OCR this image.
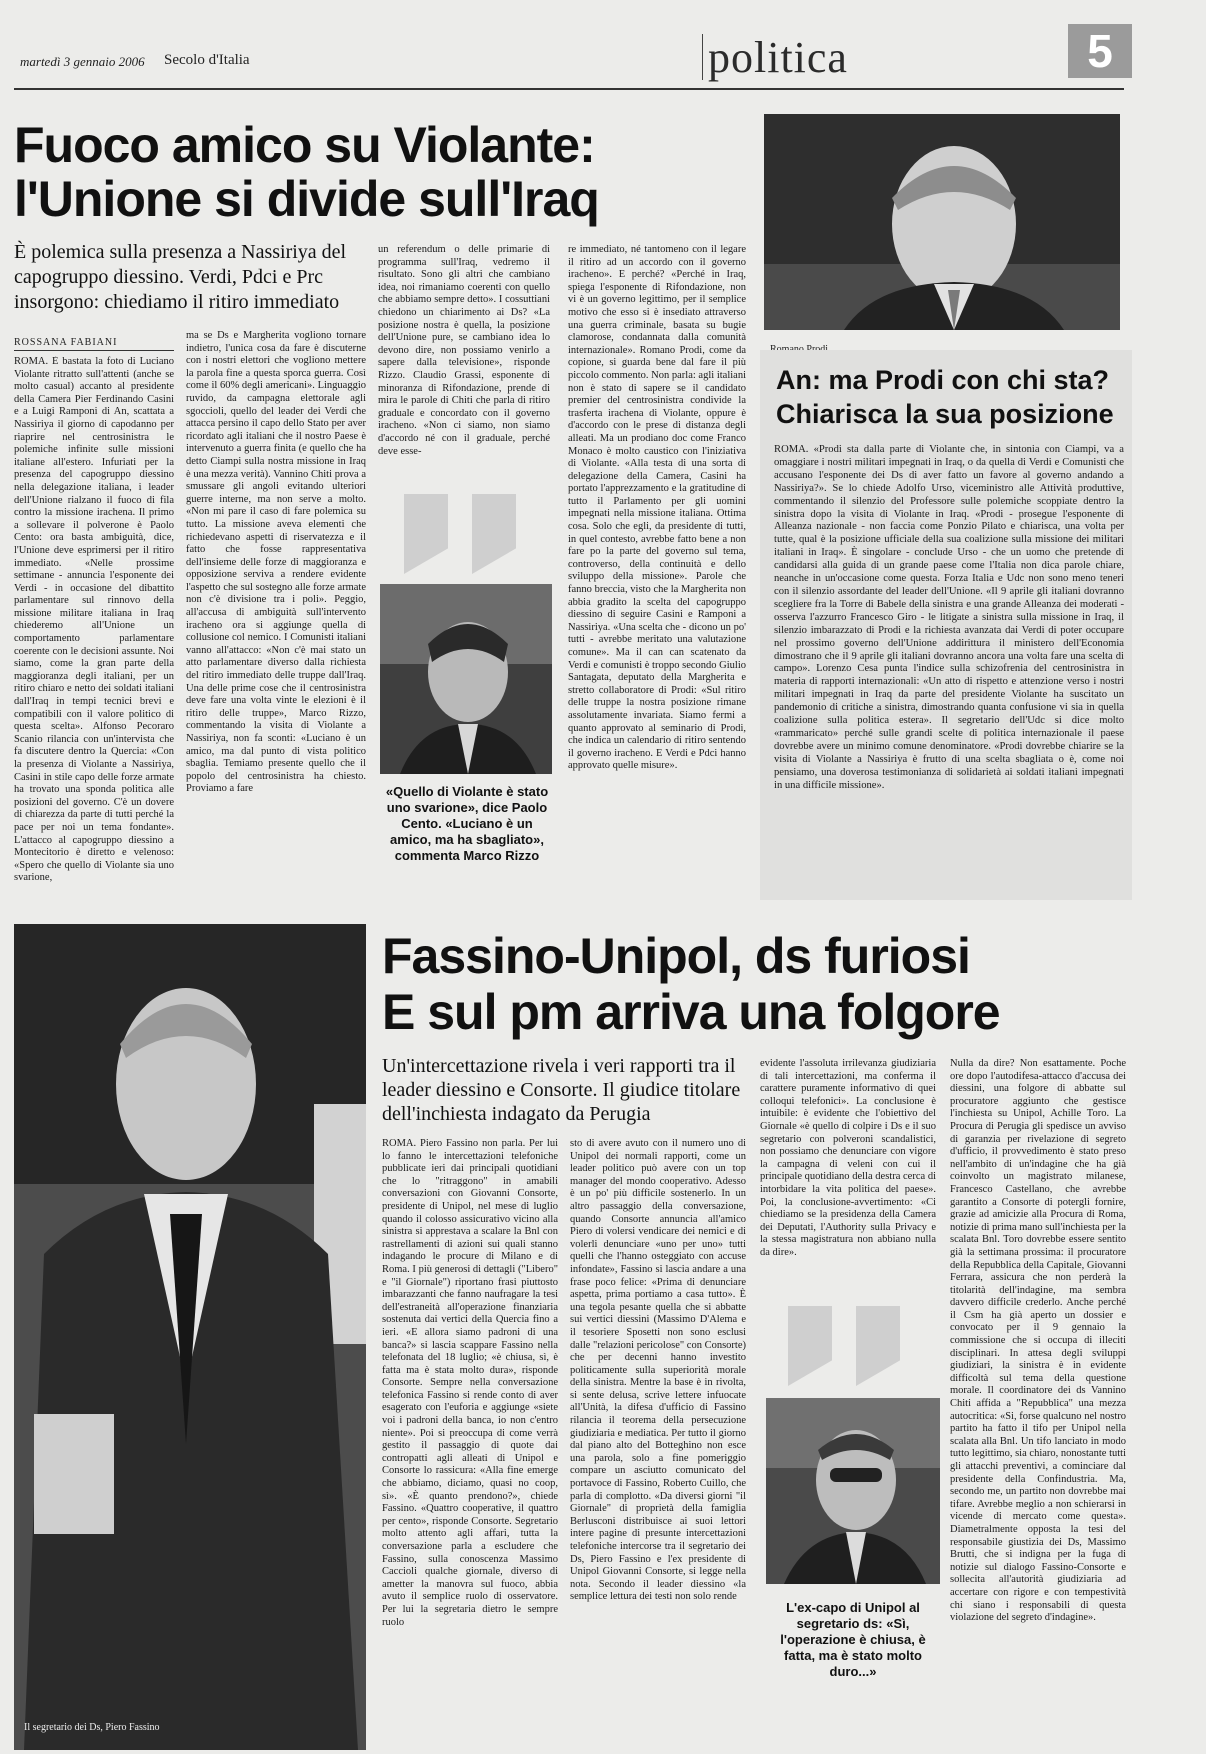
martedì 3 gennaio 2006 Secolo d'Italia	politica	5
Fuoco amico su Violante:
l'Unione si divide sull'Iraq
È polemica sulla presenza a Nassiriya del capogruppo diessino. Verdi, Pdci e Prc insorgono: chiediamo il ritiro immediato
ROSSANA FABIANI
ROMA. È bastata la foto di Luciano Violante ritratto sull'attenti (anche se molto casual) accanto al presidente della Camera Pier Ferdinando Casini e a Luigi Ramponi di An, scattata a Nassiriya il giorno di capodanno per riaprire nel centrosinistra le polemiche infinite sulle missioni italiane all'estero. Infuriati per la presenza del capogruppo diessino nella delegazione italiana, i leader dell'Unione rialzano il fuoco di fila contro la missione irachena. Il primo a sollevare il polverone è Paolo Cento: ora basta ambiguità, dice, l'Unione deve esprimersi per il ritiro immediato. «Nelle prossime settimane - annuncia l'esponente dei Verdi - in occasione del dibattito parlamentare sul rinnovo della missione militare italiana in Iraq chiederemo all'Unione un comportamento parlamentare coerente con le decisioni assunte. Noi siamo, come la gran parte della maggioranza degli italiani, per un ritiro chiaro e netto dei soldati italiani dall'Iraq in tempi tecnici brevi e compatibili con il valore politico di questa scelta». Alfonso Pecoraro Scanio rilancia con un'intervista che fa discutere dentro la Quercia: «Con la presenza di Violante a Nassiriya, Casini in stile capo delle forze armate ha trovato una sponda politica alle posizioni del governo. C'è un dovere di chiarezza da parte di tutti perché la pace per noi un tema fondante». L'attacco al capogruppo diessino a Montecitorio è diretto e velenoso: «Spero che quello di Violante sia uno svarione,
ma se Ds e Margherita vogliono tornare indietro, l'unica cosa da fare è discuterne con i nostri elettori che vogliono mettere la parola fine a questa sporca guerra. Così come il 60% degli americani». Linguaggio ruvido, da campagna elettorale agli sgoccioli, quello del leader dei Verdi che attacca persino il capo dello Stato per aver ricordato agli italiani che il nostro Paese è intervenuto a guerra finita (e quello che ha detto Ciampi sulla nostra missione in Iraq è una mezza verità). Vannino Chiti prova a smussare gli angoli evitando ulteriori guerre interne, ma non serve a molto. «Non mi pare il caso di fare polemica su tutto. La missione aveva elementi che richiedevano aspetti di riservatezza e il fatto che fosse rappresentativa dell'insieme delle forze di maggioranza e opposizione serviva a rendere evidente l'aspetto che sul sostegno alle forze armate non c'è divisione tra i poli». Peggio, all'accusa di ambiguità sull'intervento iracheno ora si aggiunge quella di collusione col nemico. I Comunisti italiani vanno all'attacco: «Non c'è mai stato un atto parlamentare diverso dalla richiesta del ritiro immediato delle truppe dall'Iraq. Una delle prime cose che il centrosinistra deve fare una volta vinte le elezioni è il ritiro delle truppe», Marco Rizzo, commentando la visita di Violante a Nassiriya, non fa sconti: «Luciano è un amico, ma dal punto di vista politico sbaglia. Temiamo presente quello che il popolo del centrosinistra ha chiesto. Proviamo a fare
un referendum o delle primarie di programma sull'Iraq, vedremo il risultato. Sono gli altri che cambiano idea, noi rimaniamo coerenti con quello che abbiamo sempre detto». I cossuttiani chiedono un chiarimento ai Ds? «La posizione nostra è quella, la posizione dell'Unione pure, se cambiano idea lo devono dire, non possiamo venirlo a sapere dalla televisione», risponde Rizzo. Claudio Grassi, esponente di minoranza di Rifondazione, prende di mira le parole di Chiti che parla di ritiro graduale e concordato con il governo iracheno. «Non ci siamo, non siamo d'accordo né con il graduale, perché deve esse-
re immediato, né tantomeno con il legare il ritiro ad un accordo con il governo iracheno». E perché? «Perché in Iraq, spiega l'esponente di Rifondazione, non vi è un governo legittimo, per il semplice motivo che esso si è insediato attraverso una guerra criminale, basata su bugie clamorose, condannata dalla comunità internazionale». Romano Prodi, come da copione, si guarda bene dal fare il più piccolo commento. Non parla: agli italiani non è stato di sapere se il candidato premier del centrosinistra condivide la trasferta irachena di Violante, oppure è d'accordo con le prese di distanza degli alleati. Ma un prodiano doc come Franco Monaco è molto caustico con l'iniziativa di Violante. «Alla testa di una sorta di delegazione della Camera, Casini ha portato l'apprezzamento e la gratitudine di tutto il Parlamento per gli uomini impegnati nella missione italiana. Ottima cosa. Solo che egli, da presidente di tutti, in quel contesto, avrebbe fatto bene a non fare po la parte del governo sul tema, controverso, della continuità e dello sviluppo della missione». Parole che fanno breccia, visto che la Margherita non abbia gradito la scelta del capogruppo diessino di seguire Casini e Ramponi a Nassiriya. «Una scelta che - dicono un po' tutti - avrebbe meritato una valutazione comune». Ma il can can scatenato da Verdi e comunisti è troppo secondo Giulio Santagata, deputato della Margherita e stretto collaboratore di Prodi: «Sul ritiro delle truppe la nostra posizione rimane assolutamente invariata. Siamo fermi a quanto approvato al seminario di Prodi, che indica un calendario di ritiro sentendo il governo iracheno. E Verdi e Pdci hanno approvato quelle misure».
«Quello di Violante è stato uno svarione», dice Paolo Cento. «Luciano è un amico, ma ha sbagliato», commenta Marco Rizzo
An: ma Prodi con chi sta?
Chiarisca la sua posizione
ROMA. «Prodi sta dalla parte di Violante che, in sintonia con Ciampi, va a omaggiare i nostri militari impegnati in Iraq, o da quella di Verdi e Comunisti che accusano l'esponente dei Ds di aver fatto un favore al governo andando a Nassiriya?». Se lo chiede Adolfo Urso, viceministro alle Attività produttive, commentando il silenzio del Professore sulle polemiche scoppiate dentro la sinistra dopo la visita di Violante in Iraq. «Prodi - prosegue l'esponente di Alleanza nazionale - non faccia come Ponzio Pilato e chiarisca, una volta per tutte, qual è la posizione ufficiale della sua coalizione sulla missione dei militari italiani in Iraq». È singolare - conclude Urso - che un uomo che pretende di candidarsi alla guida di un grande paese come l'Italia non dica parole chiare, neanche in un'occasione come questa. Forza Italia e Udc non sono meno teneri con il silenzio assordante del leader dell'Unione. «Il 9 aprile gli italiani dovranno scegliere fra la Torre di Babele della sinistra e una grande Alleanza dei moderati - osserva l'azzurro Francesco Giro - le litigate a sinistra sulla missione in Iraq, il silenzio imbarazzato di Prodi e la richiesta avanzata dai Verdi di poter occupare nel prossimo governo dell'Unione addirittura il ministero dell'Economia dimostrano che il 9 aprile gli italiani dovranno ancora una volta fare una scelta di campo». Lorenzo Cesa punta l'indice sulla schizofrenia del centrosinistra in materia di rapporti internazionali: «Un atto di rispetto e attenzione verso i nostri militari impegnati in Iraq da parte del presidente Violante ha suscitato un pandemonio di critiche a sinistra, dimostrando quanta confusione vi sia in quella coalizione sulla politica estera». Il segretario dell'Udc si dice molto «rammaricato» perché sulle grandi scelte di politica internazionale il paese dovrebbe avere un minimo comune denominatore. «Prodi dovrebbe chiarire se la visita di Violante a Nassiriya è frutto di una scelta sbagliata o è, come noi pensiamo, una doverosa testimonianza di solidarietà ai soldati italiani impegnati in una difficile missione».
Il segretario dei Ds, Piero Fassino
Fassino-Unipol, ds furiosi
E sul pm arriva una folgore
Un'intercettazione rivela i veri rapporti tra il leader diessino e Consorte. Il giudice titolare dell'inchiesta indagato da Perugia
ROMA. Piero Fassino non parla. Per lui lo fanno le intercettazioni telefoniche pubblicate ieri dai principali quotidiani che lo "ritraggono" in amabili conversazioni con Giovanni Consorte, presidente di Unipol, nel mese di luglio quando il colosso assicurativo vicino alla sinistra si apprestava a scalare la Bnl con rastrellamenti di azioni sui quali stanno indagando le procure di Milano e di Roma. I più generosi di dettagli ("Libero" e "il Giornale") riportano frasi piuttosto imbarazzanti che fanno naufragare la tesi dell'estraneità all'operazione finanziaria sostenuta dai vertici della Quercia fino a ieri. «E allora siamo padroni di una banca?» si lascia scappare Fassino nella telefonata del 18 luglio; «è chiusa, sì, è fatta ma è stata molto dura», risponde Consorte. Sempre nella conversazione telefonica Fassino si rende conto di aver esagerato con l'euforia e aggiunge «siete voi i padroni della banca, io non c'entro niente». Poi si preoccupa di come verrà gestito il passaggio di quote dai contropatti agli alleati di Unipol e Consorte lo rassicura: «Alla fine emerge che abbiamo, diciamo, quasi no coop, sì». «È quanto prendono?», chiede Fassino. «Quattro cooperative, il quattro per cento», risponde Consorte. Segretario molto attento agli affari, tutta la conversazione parla a escludere che Fassino, sulla conoscenza Massimo Caccioli qualche giornale, diverso di ametter la manovra sul fuoco, abbia avuto il semplice ruolo di osservatore. Per lui la segretaria dietro le sempre ruolo
sto di avere avuto con il numero uno di Unipol dei normali rapporti, come un leader politico può avere con un top manager del mondo cooperativo. Adesso è un po' più difficile sostenerlo. In un altro passaggio della conversazione, quando Consorte annuncia all'amico Piero di volersi vendicare dei nemici e di volerli denunciare «uno per uno» tutti quelli che l'hanno osteggiato con accuse infondate», Fassino si lascia andare a una frase poco felice: «Prima di denunciare aspetta, prima portiamo a casa tutto». È una tegola pesante quella che si abbatte sui vertici diessini (Massimo D'Alema e il tesoriere Sposetti non sono esclusi dalle "relazioni pericolose" con Consorte) che per decenni hanno investito politicamente sulla superiorità morale della sinistra. Mentre la base è in rivolta, si sente delusa, scrive lettere infuocate all'Unità, la difesa d'ufficio di Fassino rilancia il teorema della persecuzione giudiziaria e mediatica. Per tutto il giorno dal piano alto del Botteghino non esce una parola, solo a fine pomeriggio compare un asciutto comunicato del portavoce di Fassino, Roberto Cuillo, che parla di complotto. «Da diversi giorni "il Giornale" di proprietà della famiglia Berlusconi distribuisce ai suoi lettori intere pagine di presunte intercettazioni telefoniche intercorse tra il segretario dei Ds, Piero Fassino e l'ex presidente di Unipol Giovanni Consorte, si legge nella nota. Secondo il leader diessino «la semplice lettura dei testi non solo rende
evidente l'assoluta irrilevanza giudiziaria di tali intercettazioni, ma conferma il carattere puramente informativo di quei colloqui telefonici». La conclusione è intuibile: è evidente che l'obiettivo del Giornale «è quello di colpire i Ds e il suo segretario con polveroni scandalistici, non possiamo che denunciare con vigore la campagna di veleni con cui il principale quotidiano della destra cerca di intorbidare la vita politica del paese». Poi, la conclusione-avvertimento: «Ci chiediamo se la presidenza della Camera dei Deputati, l'Authority sulla Privacy e la stessa magistratura non abbiano nulla da dire».
Nulla da dire? Non esattamente. Poche ore dopo l'autodifesa-attacco d'accusa dei diessini, una folgore di abbatte sul procuratore aggiunto che gestisce l'inchiesta su Unipol, Achille Toro. La Procura di Perugia gli spedisce un avviso di garanzia per rivelazione di segreto d'ufficio, il provvedimento è stato preso nell'ambito di un'indagine che ha già coinvolto un magistrato milanese, Francesco Castellano, che avrebbe garantito a Consorte di potergli fornire, grazie ad amicizie alla Procura di Roma, notizie di prima mano sull'inchiesta per la scalata Bnl. Toro dovrebbe essere sentito già la settimana prossima: il procuratore della Repubblica della Capitale, Giovanni Ferrara, assicura che non perderà la titolarità dell'indagine, ma sembra davvero difficile crederlo. Anche perché il Csm ha già aperto un dossier e convocato per il 9 gennaio la commissione che si occupa di illeciti disciplinari. In attesa degli sviluppi giudiziari, la sinistra è in evidente difficoltà sul tema della questione morale. Il coordinatore dei ds Vannino Chiti affida a "Repubblica" una mezza autocritica: «Si, forse qualcuno nel nostro partito ha fatto il tifo per Unipol nella scalata alla Bnl. Un tifo lanciato in modo tutto legittimo, sia chiaro, nonostante tutti gli attacchi preventivi, a cominciare dal presidente della Confindustria. Ma, secondo me, un partito non dovrebbe mai tifare. Avrebbe meglio a non schierarsi in vicende di mercato come questa». Diametralmente opposta la tesi del responsabile giustizia dei Ds, Massimo Brutti, che si indigna per la fuga di notizie sul dialogo Fassino-Consorte e sollecita all'autorità giudiziaria ad accertare con rigore e con tempestività chi siano i responsabili di questa violazione del segreto d'indagine».
L'ex-capo di Unipol al segretario ds: «Sì, l'operazione è chiusa, è fatta, ma è stato molto duro...»
